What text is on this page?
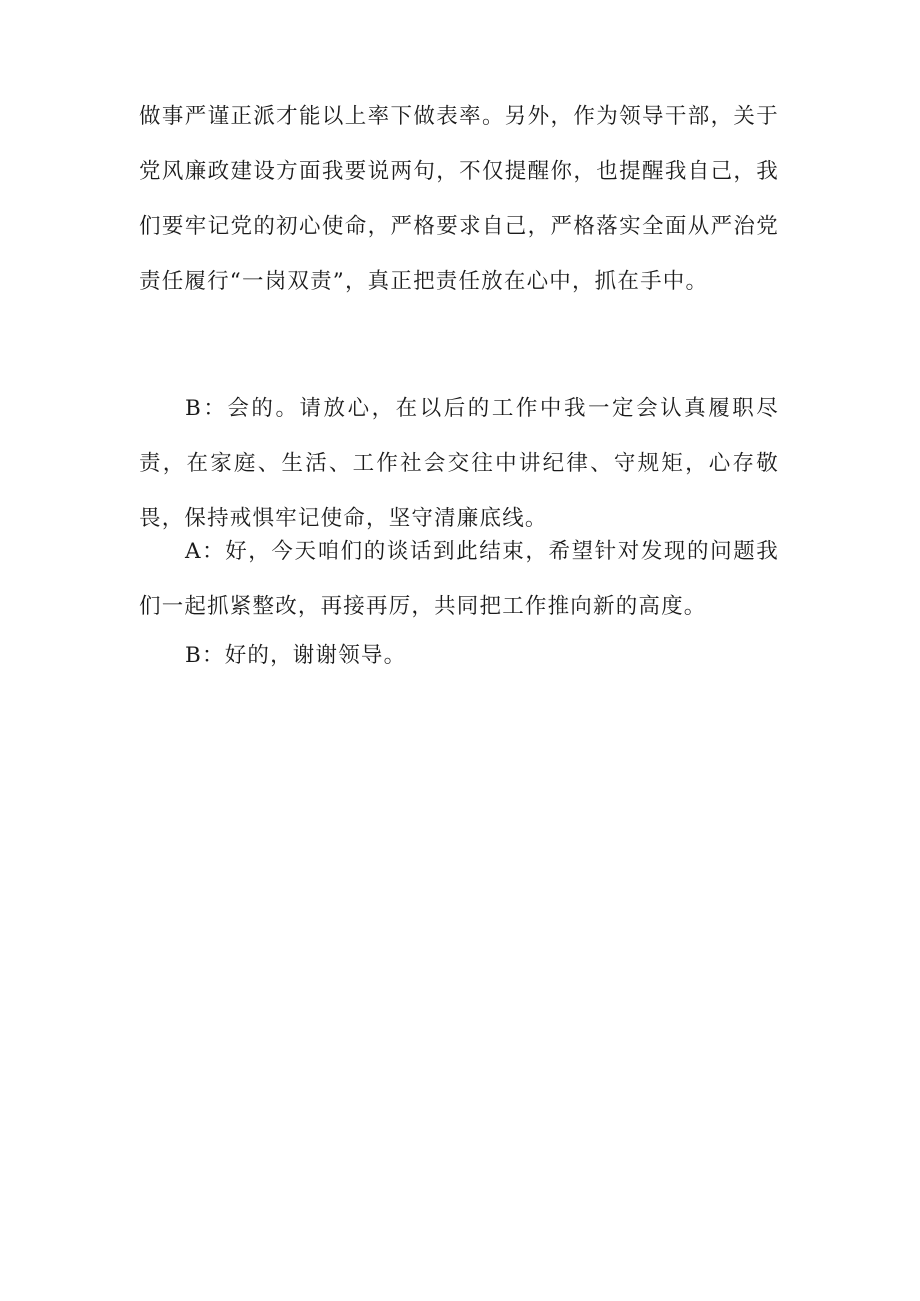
做事严谨正派才能以上率下做表率。另外，作为领导干部，关于党风廉政建设方面我要说两句，不仅提醒你，也提醒我自己，我们要牢记党的初心使命，严格要求自己，严格落实全面从严治党责任履行“一岗双责”，真正把责任放在心中，抓在手中。

B：会的。请放心，在以后的工作中我一定会认真履职尽责，在家庭、生活、工作社会交往中讲纪律、守规矩，心存敬畏，保持戒惧牢记使命，坚守清廉底线。

A：好，今天咱们的谈话到此结束，希望针对发现的问题我们一起抓紧整改，再接再厉，共同把工作推向新的高度。

B：好的，谢谢领导。
